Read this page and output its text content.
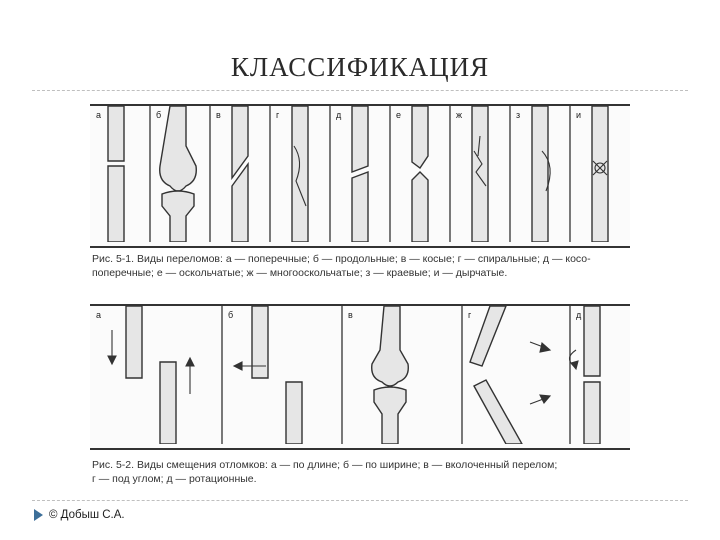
КЛАССИФИКАЦИЯ
а	б	в	г	д	е	ж	з	и
Рис. 5-1. Виды переломов: а — поперечные; б — продольные; в — косые; г — спиральные; д — косо-
поперечные; е — оскольчатые; ж — многооскольчатые; з — краевые; и — дырчатые.
а	б	в	г	д
Рис. 5-2. Виды смещения отломков: а — по длине; б — по ширине; в — вколоченный перелом;
г — под углом; д — ротационные.
© Добыш С.А.
